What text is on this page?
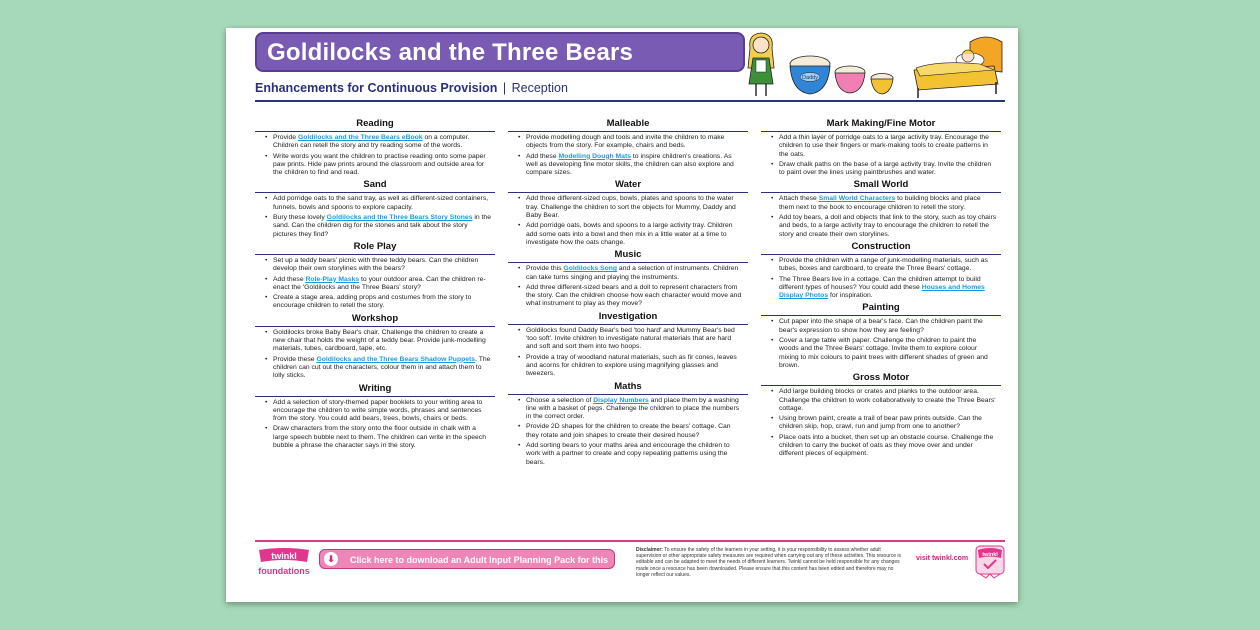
Goldilocks and the Three Bears
Daddy
Enhancements for Continuous Provision | Reception
Reading

• Provide Goldilocks and the Three Bears eBook on a computer. Children can retell the story and try reading some of the words.

• Write words you want the children to practise reading onto some paper paw prints. Hide paw prints around the classroom and outside area for the children to find and read.

Sand

• Add porridge oats to the sand tray, as well as different-sized containers, funnels, bowls and spoons to explore capacity.

• Bury these lovely Goldilocks and the Three Bears Story Stones in the sand. Can the children dig for the stones and talk about the story pictures they find?

Role Play

• Set up a teddy bears' picnic with three teddy bears. Can the children develop their own storylines with the bears?

• Add these Role-Play Masks to your outdoor area. Can the children re-enact the 'Goldilocks and the Three Bears' story?

• Create a stage area, adding props and costumes from the story to encourage children to retell the story.

Workshop

• Goldilocks broke Baby Bear's chair. Challenge the children to create a new chair that holds the weight of a teddy bear. Provide junk-modelling materials, tubes, cardboard, tape, etc.

• Provide these Goldilocks and the Three Bears Shadow Puppets. The children can cut out the characters, colour them in and attach them to lolly sticks.

Writing

• Add a selection of story-themed paper booklets to your writing area to encourage the children to write simple words, phrases and sentences from the story. You could add bears, trees, bowls, chairs or beds.

• Draw characters from the story onto the floor outside in chalk with a large speech bubble next to them. The children can write in the speech bubble a phrase the character says in the story.

Malleable

• Provide modelling dough and tools and invite the children to make objects from the story. For example, chairs and beds.

• Add these Modelling Dough Mats to inspire children's creations. As well as developing fine motor skills, the children can also explore and compare sizes.

Water

• Add three different-sized cups, bowls, plates and spoons to the water tray. Challenge the children to sort the objects for Mummy, Daddy and Baby Bear.

• Add porridge oats, bowls and spoons to a large activity tray. Children add some oats into a bowl and then mix in a little water at a time to investigate how the oats change.

Music

• Provide this Goldilocks Song and a selection of instruments. Children can take turns singing and playing the instruments.

• Add three different-sized bears and a doll to represent characters from the story. Can the children choose how each character would move and what instrument to play as they move?

Investigation

• Goldilocks found Daddy Bear's bed 'too hard' and Mummy Bear's bed 'too soft'. Invite children to investigate natural materials that are hard and soft and sort them into two hoops.

• Provide a tray of woodland natural materials, such as fir cones, leaves and acorns for children to explore using magnifying glasses and tweezers.

Maths

• Choose a selection of Display Numbers and place them by a washing line with a basket of pegs. Challenge the children to place the numbers in the correct order.

• Provide 2D shapes for the children to create the bears' cottage. Can they rotate and join shapes to create their desired house?

• Add sorting bears to your maths area and encourage the children to work with a partner to create and copy repeating patterns using the bears.

Mark Making/Fine Motor

• Add a thin layer of porridge oats to a large activity tray. Encourage the children to use their fingers or mark-making tools to create patterns in the oats.

• Draw chalk paths on the base of a large activity tray. Invite the children to paint over the lines using paintbrushes and water.

Small World

• Attach these Small World Characters to building blocks and place them next to the book to encourage children to retell the story.

• Add toy bears, a doll and objects that link to the story, such as toy chairs and beds, to a large activity tray to encourage the children to retell the story and create their own storylines.

Construction

• Provide the children with a range of junk-modelling materials, such as tubes, boxes and cardboard, to create the Three Bears' cottage.

• The Three Bears live in a cottage. Can the children attempt to build different types of houses? You could add these Houses and Homes Display Photos for inspiration.

Painting

• Cut paper into the shape of a bear's face. Can the children paint the bear's expression to show how they are feeling?

• Cover a large table with paper. Challenge the children to paint the woods and the Three Bears' cottage. Invite them to explore colour mixing to mix colours to paint trees with different shades of green and brown.

Gross Motor

• Add large building blocks or crates and planks to the outdoor area. Challenge the children to work collaboratively to create the Three Bears' cottage.

• Using brown paint, create a trail of bear paw prints outside. Can the children skip, hop, crawl, run and jump from one to another?

• Place oats into a bucket, then set up an obstacle course. Challenge the children to carry the bucket of oats as they move over and under different pieces of equipment.

twinkl
foundations
⬇	Click here to download an Adult Input Planning Pack for this theme.
Disclaimer: To ensure the safety of the learners in your setting, it is your responsibility to assess whether adult supervision or other appropriate safety measures are required when carrying out any of these activities. This resource is editable and can be adapted to meet the needs of different learners. Twinkl cannot be held responsible for any changes made once a resource has been downloaded. Please ensure that this content has been edited and therefore may no longer reflect our values.
visit twinkl.com	twinkl
